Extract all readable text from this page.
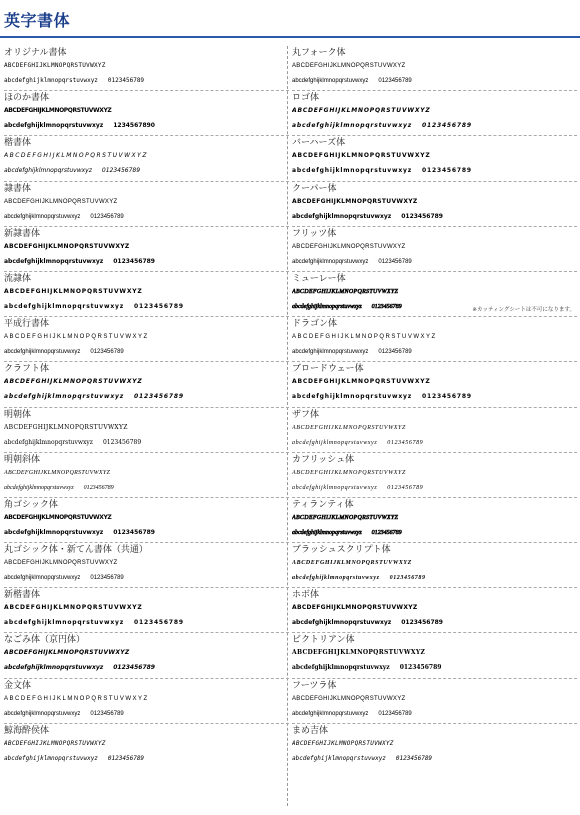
英字書体
オリジナル書体
ABCDEFGHIJKLMNOPQRSTUVWXYZ
abcdefghijklmnopqrstuvwxyz 0123456789
ほのか書体
ABCDEFGHIJKLMNOPQRSTUVWXYZ
abcdefghijklmnopqrstuvwxyz 1234567890
楷書体
ABCDEFGHIJKLMNOPQRSTUVWXYZ
abcdefghijklmnopqrstuvwxyz 0123456789
隷書体
ABCDEFGHIJKLMNOPQRSTUVWXYZ
abcdefghijklmnopqrstuvwxyz 0123456789
新隷書体
ABCDEFGHIJKLMNOPQRSTUVWXYZ
abcdefghijklmnopqrstuvwxyz 0123456789
流隷体
ABCDEFGHIJKLMNOPQRSTUVWXYZ
abcdefghijklmnopqrstuvwxyz 0123456789
平成行書体
ABCDEFGHIJKLMNOPQRSTUVWXYZ
abcdefghijklmnopqrstuvwxyz 0123456789
クラフト体
ABCDEFGHIJKLMNOPQRSTUVWXYZ
abcdefghijklmnopqrstuvwxyz 0123456789
明朝体
ABCDEFGHIJKLMNOPQRSTUVWXYZ
abcdefghijklmnopqrstuvwxyz 0123456789
明朝斜体
ABCDEFGHIJKLMNOPQRSTUVWXYZ
abcdefghijklmnopqrstuvwxyz 0123456789
角ゴシック体
ABCDEFGHIJKLMNOPQRSTUVWXYZ
abcdefghijklmnopqrstuvwxyz 0123456789
丸ゴシック体・新てん書体（共通）
ABCDEFGHIJKLMNOPQRSTUVWXYZ
abcdefghijklmnopqrstuvwxyz 0123456789
新楷書体
ABCDEFGHIJKLMNOPQRSTUVWXYZ
abcdefghijklmnopqrstuvwxyz 0123456789
なごみ体（京円体）
ABCDEFGHIJKLMNOPQRSTUVWXYZ
abcdefghijklmnopqrstuvwxyz 0123456789
金文体
ABCDEFGHIJKLMNOPQRSTUVWXYZ
abcdefghijklmnopqrstuvwxyz 0123456789
鯨海酔侯体
ABCDEFGHIJKLMNOPQRSTUVWXYZ
abcdefghijklmnopqrstuvwxyz 0123456789
丸フォーク体
ABCDEFGHIJKLMNOPQRSTUVWXYZ
abcdefghijklmnopqrstuvwxyz 0123456789
ロゴ体
ABCDEFGHIJKLMNOPQRSTUVWXYZ
abcdefghijklmnopqrstuvwxyz 0123456789
バーハーズ体
ABCDEFGHIJKLMNOPQRSTUVWXYZ
abcdefghijklmnopqrstuvwxyz 0123456789
クーパー体
ABCDEFGHIJKLMNOPQRSTUVWXYZ
abcdefghijklmnopqrstuvwxyz 0123456789
フリッツ体
ABCDEFGHIJKLMNOPQRSTUVWXYZ
abcdefghijklmnopqrstuvwxyz 0123456789
ミューレー体
ABCDEFGHIJKLMNOPQRSTUVWXYZ
abcdefghijklmnopqrstuvwxyz 0123456789
※カッティングシートは不可になります。
ドラゴン体
ABCDEFGHIJKLMNOPQRSTUVWXYZ
abcdefghijklmnopqrstuvwxyz 0123456789
ブロードウェー体
ABCDEFGHIJKLMNOPQRSTUVWXYZ
abcdefghijklmnopqrstuvwxyz 0123456789
ザフ体
ABCDEFGHIJKLMNOPQRSTUVWXYZ
abcdefghijklmnopqrstuvwxyz 0123456789
カフリッシュ体
ABCDEFGHIJKLMNOPQRSTUVWXYZ
abcdefghijklmnopqrstuvwxyz 0123456789
ティランティ体
ABCDEFGHIJKLMNOPQRSTUVWXYZ
abcdefghijklmnopqrstuvwxyz 0123456789
ブラッシュスクリプト体
ABCDEFGHIJKLMNOPQRSTUVWXYZ
abcdefghijklmnopqrstuvwxyz 0123456789
ホボ体
ABCDEFGHIJKLMNOPQRSTUVWXYZ
abcdefghijklmnopqrstuvwxyz 0123456789
ビクトリアン体
ABCDEFGHIJKLMNOPQRSTUVWXYZ
abcdefghijklmnopqrstuvwxyz 0123456789
フーツラ体
ABCDEFGHIJKLMNOPQRSTUVWXYZ
abcdefghijklmnopqrstuvwxyz 0123456789
まめ吉体
ABCDEFGHIJKLMNOPQRSTUVWXYZ
abcdefghijklmnopqrstuvwxyz 0123456789
